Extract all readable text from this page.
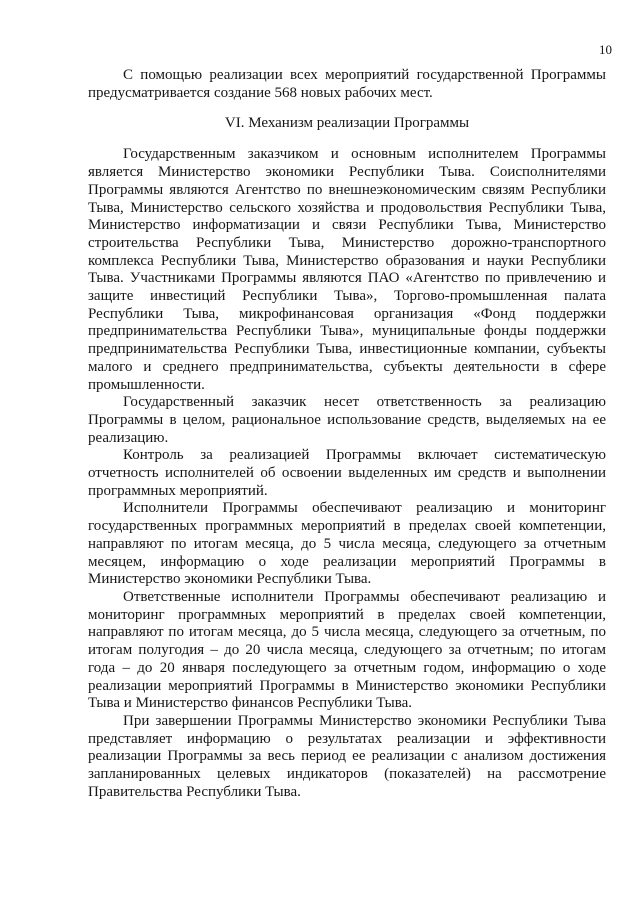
10

С помощью реализации всех мероприятий государственной Программы предусматривается создание 568 новых рабочих мест.

VI. Механизм реализации Программы

Государственным заказчиком и основным исполнителем Программы является Министерство экономики Республики Тыва. Соисполнителями Программы являются Агентство по внешнеэкономическим связям Республики Тыва, Министерство сельского хозяйства и продовольствия Республики Тыва, Министерство информатизации и связи Республики Тыва, Министерство строительства Республики Тыва, Министерство дорожно-транспортного комплекса Республики Тыва, Министерство образования и науки Республики Тыва. Участниками Программы являются ПАО «Агентство по привлечению и защите инвестиций Республики Тыва», Торгово-промышленная палата Республики Тыва, микрофинансовая организация «Фонд поддержки предпринимательства Республики Тыва», муниципальные фонды поддержки предпринимательства Республики Тыва, инвестиционные компании, субъекты малого и среднего предпринимательства, субъекты деятельности в сфере промышленности.

Государственный заказчик несет ответственность за реализацию Программы в целом, рациональное использование средств, выделяемых на ее реализацию.

Контроль за реализацией Программы включает систематическую отчетность исполнителей об освоении выделенных им средств и выполнении программных мероприятий.

Исполнители Программы обеспечивают реализацию и мониторинг государственных программных мероприятий в пределах своей компетенции, направляют по итогам месяца, до 5 числа месяца, следующего за отчетным месяцем, информацию о ходе реализации мероприятий Программы в Министерство экономики Республики Тыва.

Ответственные исполнители Программы обеспечивают реализацию и мониторинг программных мероприятий в пределах своей компетенции, направляют по итогам месяца, до 5 числа месяца, следующего за отчетным, по итогам полугодия – до 20 числа месяца, следующего за отчетным; по итогам года – до 20 января последующего за отчетным годом, информацию о ходе реализации мероприятий Программы в Министерство экономики Республики Тыва и Министерство финансов Республики Тыва.

При завершении Программы Министерство экономики Республики Тыва представляет информацию о результатах реализации и эффективности реализации Программы за весь период ее реализации с анализом достижения запланированных целевых индикаторов (показателей) на рассмотрение Правительства Республики Тыва.
